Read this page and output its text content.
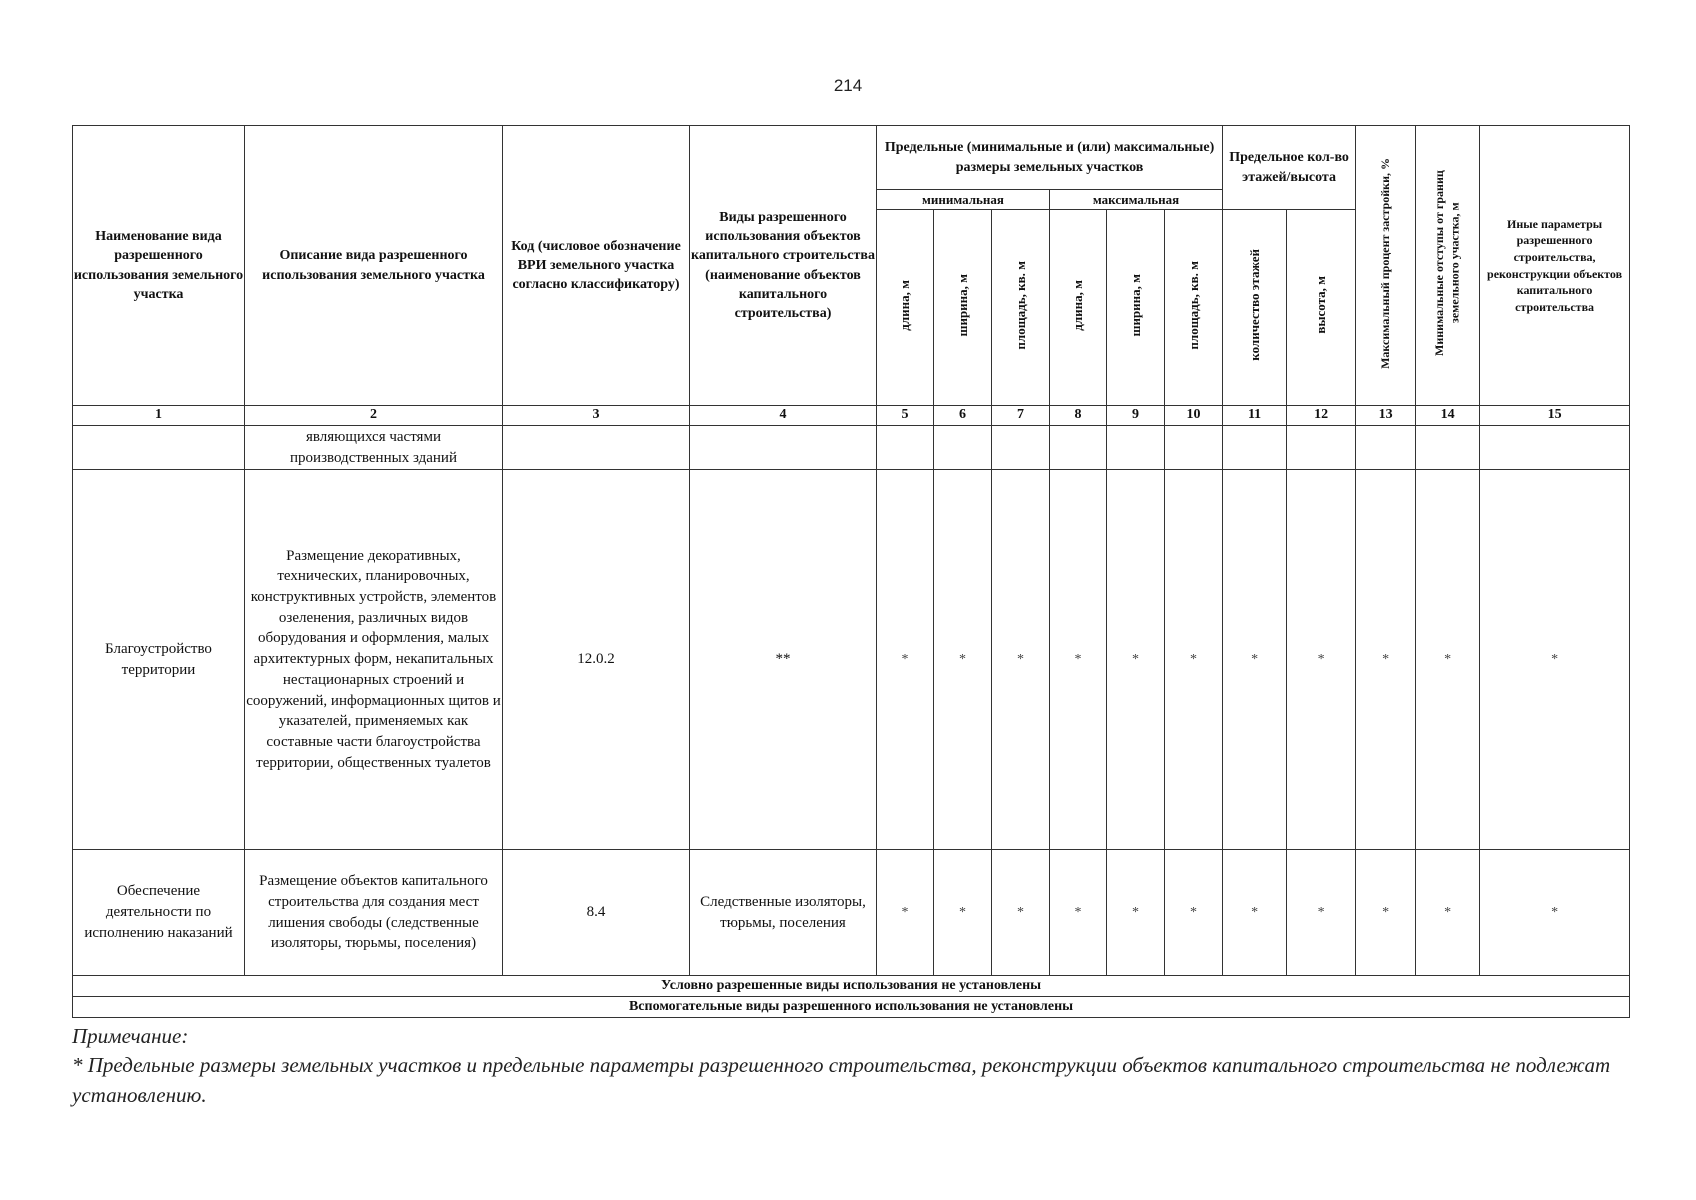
214
Наименование вида разрешенного использования земельного участка	Описание вида разрешенного использования земельного участка	Код (числовое обозначение ВРИ земельного участка согласно классификатору)	Виды разрешенного использования объектов капитального строительства (наименование объектов капитального строительства)	Предельные (минимальные и (или) максимальные) размеры земельных участков						Предельное кол-во этажей/высота		Максимальный процент застройки, %	Минимальные отступы от границ земельного участка, м	Иные параметры разрешенного строительства, реконструкции объектов капитального строительства
				минимальная			максимальная							
				длина, м	ширина, м	площадь, кв. м	длина, м	ширина, м	площадь, кв. м	количество этажей	высота, м			
1	2	3	4	5	6	7	8	9	10	11	12	13	14	15
	являющихся частями производственных зданий													
Благоустройство территории	Размещение декоративных, технических, планировочных, конструктивных устройств, элементов озеленения, различных видов оборудования и оформления, малых архитектурных форм, некапитальных нестационарных строений и сооружений, информационных щитов и указателей, применяемых как составные части благоустройства территории, общественных туалетов	12.0.2	**	*	*	*	*	*	*	*	*	*	*	*
Обеспечение деятельности по исполнению наказаний	Размещение объектов капитального строительства для создания мест лишения свободы (следственные изоляторы, тюрьмы, поселения)	8.4	Следственные изоляторы, тюрьмы, поселения	*	*	*	*	*	*	*	*	*	*	*
Условно разрешенные виды использования не установлены														
Вспомогательные виды разрешенного использования не установлены														
Примечание:
* Предельные размеры земельных участков и предельные параметры разрешенного строительства, реконструкции объектов капитального строительства не подлежат установлению.
